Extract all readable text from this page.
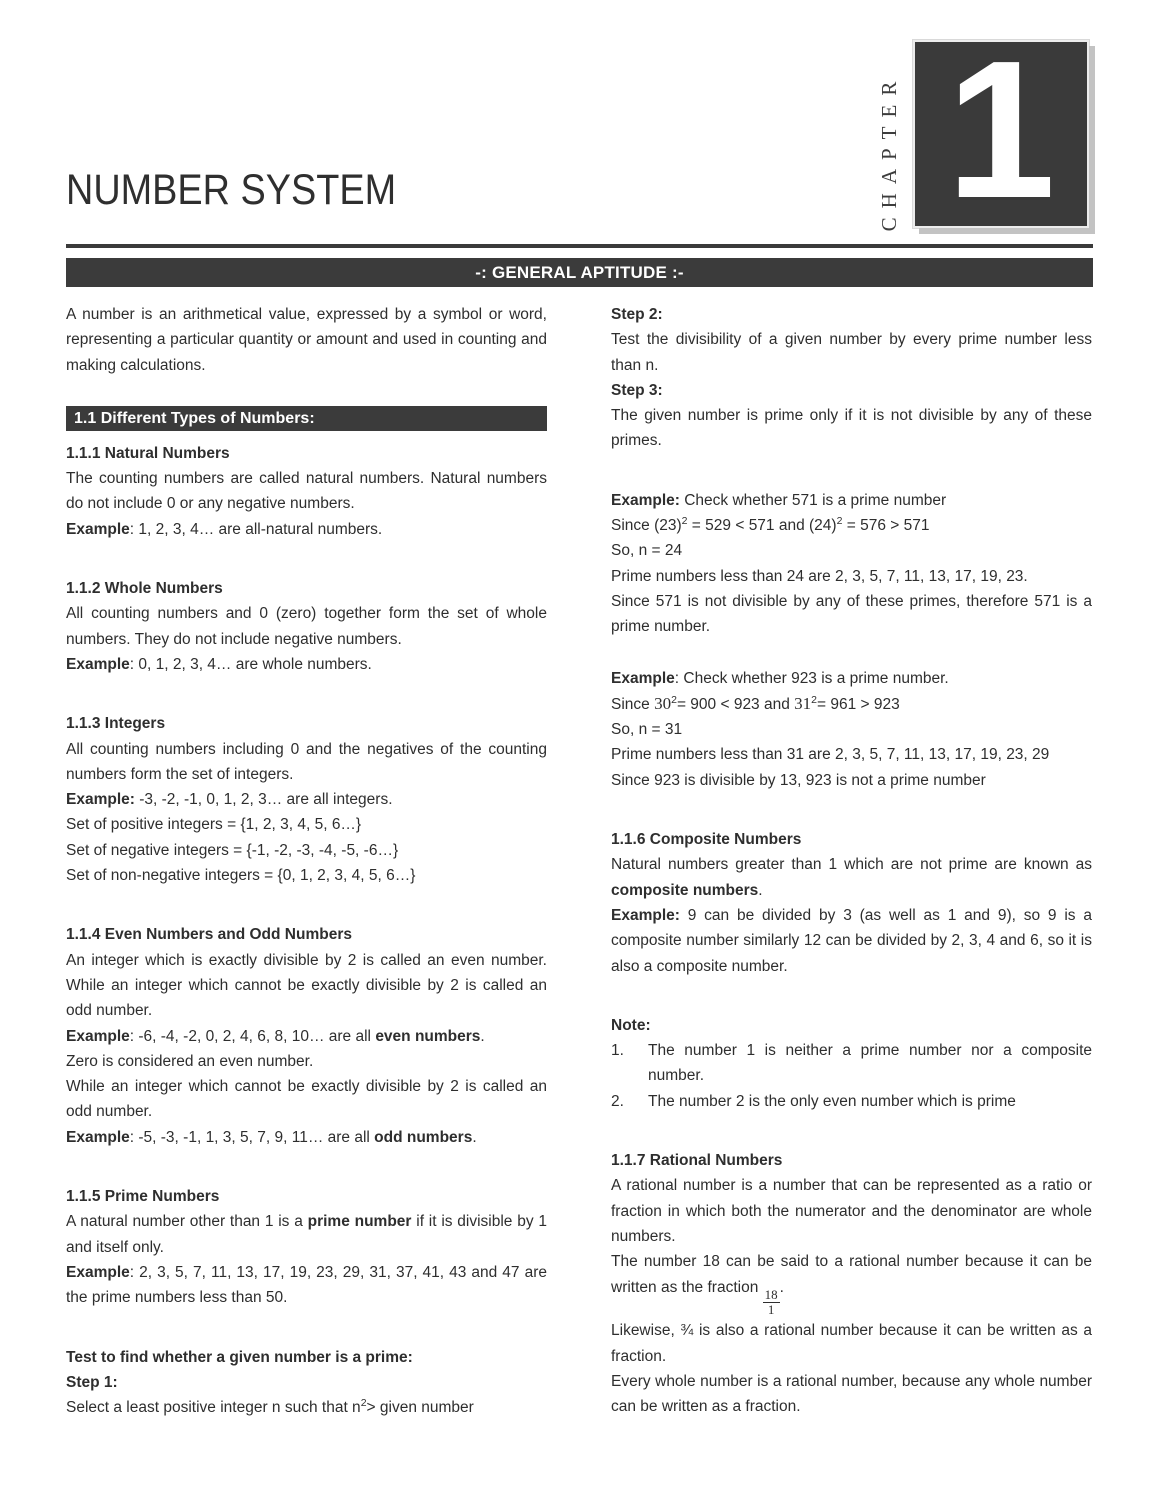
NUMBER SYSTEM	CHAPTER 1
-: GENERAL APTITUDE :-

A number is an arithmetical value, expressed by a symbol or word, representing a particular quantity or amount and used in counting and making calculations.

1.1 Different Types of Numbers:
1.1.1 Natural Numbers

The counting numbers are called natural numbers. Natural numbers do not include 0 or any negative numbers.

Example: 1, 2, 3, 4… are all-natural numbers.

1.1.2 Whole Numbers

All counting numbers and 0 (zero) together form the set of whole numbers. They do not include negative numbers.

Example: 0, 1, 2, 3, 4… are whole numbers.

1.1.3 Integers

All counting numbers including 0 and the negatives of the counting numbers form the set of integers.

Example: -3, -2, -1, 0, 1, 2, 3… are all integers.

Set of positive integers = {1, 2, 3, 4, 5, 6…}

Set of negative integers = {-1, -2, -3, -4, -5, -6…}

Set of non-negative integers = {0, 1, 2, 3, 4, 5, 6…}

1.1.4 Even Numbers and Odd Numbers

An integer which is exactly divisible by 2 is called an even number. While an integer which cannot be exactly divisible by 2 is called an odd number.

Example: -6, -4, -2, 0, 2, 4, 6, 8, 10… are all even numbers.

Zero is considered an even number.

While an integer which cannot be exactly divisible by 2 is called an odd number.

Example: -5, -3, -1, 1, 3, 5, 7, 9, 11… are all odd numbers.

1.1.5 Prime Numbers

A natural number other than 1 is a prime number if it is divisible by 1 and itself only.

Example: 2, 3, 5, 7, 11, 13, 17, 19, 23, 29, 31, 37, 41, 43 and 47 are the prime numbers less than 50.

Test to find whether a given number is a prime:
Step 1:

Select a least positive integer n such that $n^2>$ given number

Step 2:

Test the divisibility of a given number by every prime number less than n.

Step 3:

The given number is prime only if it is not divisible by any of these primes.

Example: Check whether 571 is a prime number

Since $(23)^2 = 529 < 571$ and $(24)^2 = 576 > 571$

So, n = 24

Prime numbers less than 24 are 2, 3, 5, 7, 11, 13, 17, 19, 23.

Since 571 is not divisible by any of these primes, therefore 571 is a prime number.

Example: Check whether 923 is a prime number.

Since $30^2= 900 < 923$ and $31^2= 961 > 923$

So, n = 31

Prime numbers less than 31 are 2, 3, 5, 7, 11, 13, 17, 19, 23, 29

Since 923 is divisible by 13, 923 is not a prime number

1.1.6 Composite Numbers

Natural numbers greater than 1 which are not prime are known as composite numbers.

Example: 9 can be divided by 3 (as well as 1 and 9), so 9 is a composite number similarly 12 can be divided by 2, 3, 4 and 6, so it is also a composite number.

Note:
1.	The number 1 is neither a prime number nor a composite number.
2.	The number 2 is the only even number which is prime
1.1.7 Rational Numbers

A rational number is a number that can be represented as a ratio or fraction in which both the numerator and the denominator are whole numbers.

The number 18 can be said to a rational number because it can be written as the fraction
$\frac{18}{1}$
.

Likewise, ¾ is also a rational number because it can be written as a fraction.

Every whole number is a rational number, because any whole number can be written as a fraction.
